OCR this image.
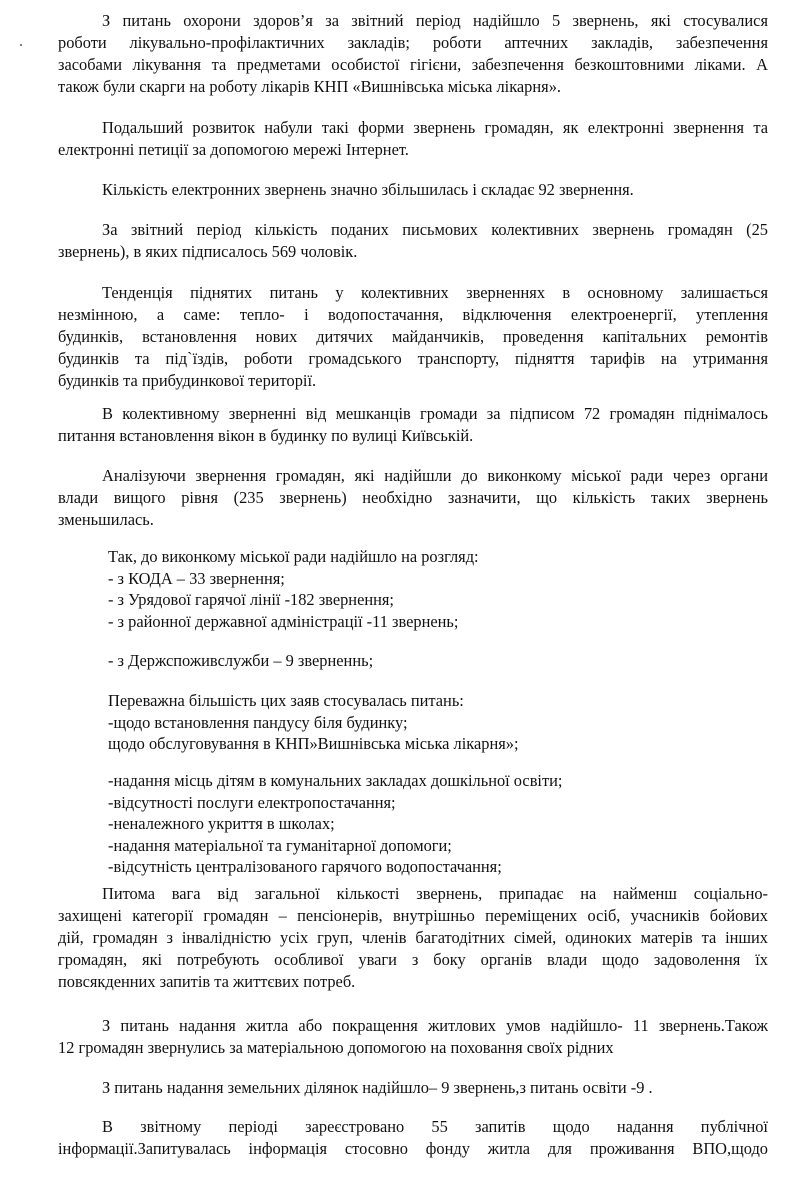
З питань охорони здоров’я за звітний період надійшло 5 звернень, які стосувалися
роботи лікувально-профілактичних закладів; роботи аптечних закладів, забезпечення
засобами лікування та предметами особистої гігієни, забезпечення безкоштовними ліками. А
також були скарги на роботу лікарів КНП «Вишнівська міська лікарня».
Подальший розвиток набули такі форми звернень громадян, як електронні звернення та
електронні петиції за допомогою мережі Інтернет.
Кількість електронних звернень значно збільшилась і складає 92 звернення.
За звітний період кількість поданих письмових колективних звернень громадян (25
звернень), в яких підписалось 569 чоловік.
Тенденція піднятих питань у колективних зверненнях в основному залишається
незмінною, а саме: тепло- і водопостачання, відключення електроенергії, утеплення
будинків, встановлення нових дитячих майданчиків, проведення капітальних ремонтів
будинків та під`їздів, роботи громадського транспорту, підняття тарифів на утримання
будинків та прибудинкової території.
В колективному зверненні від мешканців громади за підписом 72 громадян піднімалось
питання встановлення вікон в будинку по вулиці Київській.
Аналізуючи звернення громадян, які надійшли до виконкому міської ради через органи
влади вищого рівня (235 звернень) необхідно зазначити, що кількість таких звернень
зменьшилась.
Так, до виконкому міської ради надійшло на розгляд:
- з КОДА – 33 звернення;
- з Урядової гарячої лінії -182 звернення;
- з районної державної адміністрації -11 звернень;
- з Держспоживслужби – 9 зверненнь;
Переважна більшість цих заяв стосувалась питань:
-щодо встановлення пандусу біля будинку;
щодо обслуговування в КНП»Вишнівська міська лікарня»;
-надання місць дітям в комунальних закладах дошкільної освіти;
-відсутності послуги електропостачання;
-неналежного укриття в школах;
-надання матеріальної та гуманітарної допомоги;
-відсутність централізованого гарячого водопостачання;
Питома вага від загальної кількості звернень, припадає на найменш соціально-
захищені категорії громадян – пенсіонерів, внутрішньо переміщених осіб, учасників бойових
дій, громадян з інвалідністю усіх груп, членів багатодітних сімей, одиноких матерів та інших
громадян, які потребують особливої уваги з боку органів влади щодо задоволення їх
повсякденних запитів та життєвих потреб.
З питань надання житла або покращення житлових умов надійшло- 11 звернень.Також
12 громадян звернулись за матеріальною допомогою на поховання своїх рідних
З питань надання земельних ділянок надійшло– 9 звернень,з питань освіти -9 .
В звітному періоді зареєстровано 55 запитів щодо надання публічної
інформації.Запитувалась інформація стосовно фонду житла для проживання ВПО,щодо
